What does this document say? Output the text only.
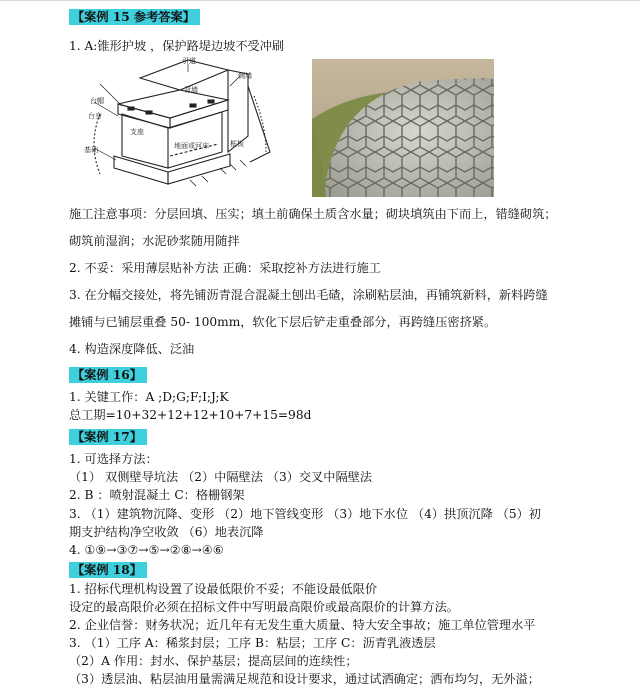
【案例 15 参考答案】
1. A:锥形护坡 ，保护路堤边坡不受冲刷
引道
背墙
侧墙
台帽
台身
基础
支座
地面或河床	框板
施工注意事项：分层回填、压实；填土前确保土质含水量；砌块填筑由下而上，错缝砌筑；
砌筑前湿润；水泥砂浆随用随拌
2. 不妥：采用薄层贴补方法 正确：采取挖补方法进行施工
3. 在分幅交接处，将先铺沥青混合混凝土刨出毛碴，涂刷粘层油，再铺筑新料，新料跨缝
摊铺与已铺层重叠 50- 100mm，软化下层后铲走重叠部分，再跨缝压密挤紧。
4. 构造深度降低、泛油
【案例 16】
1. 关键工作：A ;D;G;F;I;J;K
总工期=10+32+12+12+10+7+15=98d
【案例 17】
1. 可选择方法：
（1） 双侧壁导坑法 （2）中隔壁法 （3）交叉中隔壁法
2. B ：喷射混凝土 C：格栅钢架
3. （1）建筑物沉降、变形 （2）地下管线变形 （3）地下水位 （4）拱顶沉降 （5）初
期支护结构净空收敛 （6）地表沉降
4. ①⑨→③⑦→⑤→②⑧→④⑥
【案例 18】
1. 招标代理机构设置了设最低限价不妥；不能设最低限价
设定的最高限价必须在招标文件中写明最高限价或最高限价的计算方法。
2. 企业信誉：财务状况；近几年有无发生重大质量、特大安全事故；施工单位管理水平
3. （1）工序 A：稀浆封层；工序 B：粘层；工序 C：沥青乳液透层
（2）A 作用：封水、保护基层；提高层间的连续性；
（3）透层油、粘层油用量需满足规范和设计要求，通过试洒确定；洒布均匀，无外溢；
